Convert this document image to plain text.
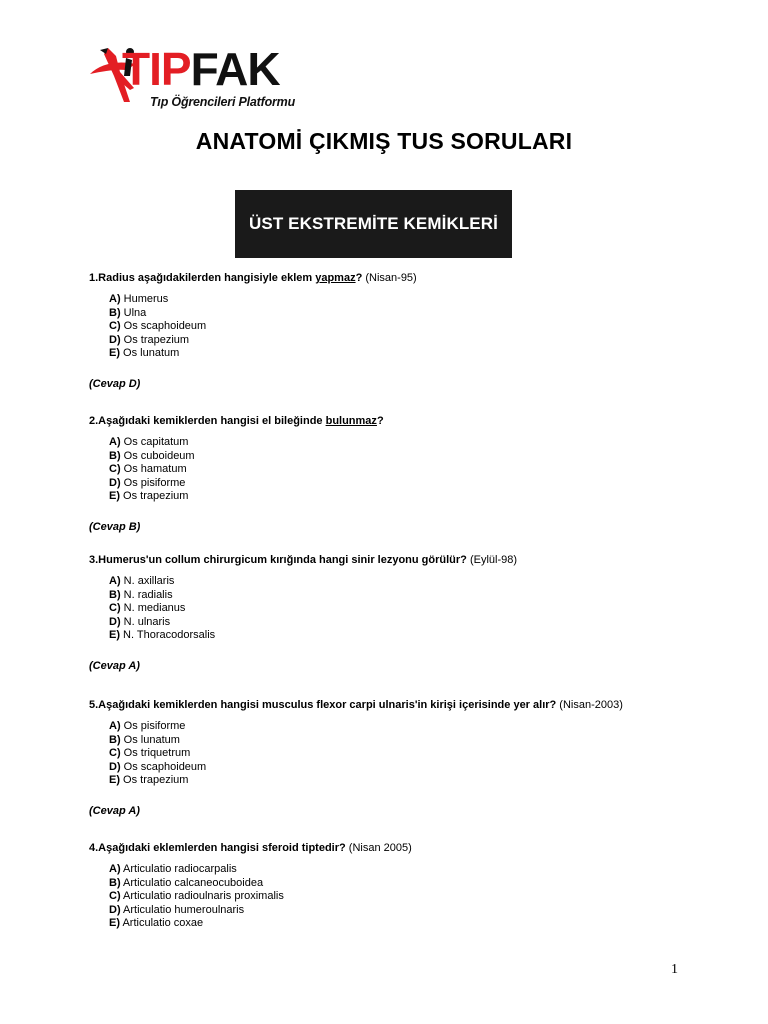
TIPFAK
Tıp Öğrencileri Platformu
ANATOMİ ÇIKMIŞ TUS SORULARI
ÜST EKSTREMİTE KEMİKLERİ
1.Radius aşağıdakilerden hangisiyle eklem yapmaz? (Nisan-95)
A) Humerus
B) Ulna
C) Os scaphoideum
D) Os trapezium
E) Os lunatum
(Cevap D)
2.Aşağıdaki kemiklerden hangisi el bileğinde bulunmaz?
A) Os capitatum
B) Os cuboideum
C) Os hamatum
D) Os pisiforme
E) Os trapezium
(Cevap B)
3.Humerus'un collum chirurgicum kırığında hangi sinir lezyonu görülür? (Eylül-98)
A) N. axillaris
B) N. radialis
C) N. medianus
D) N. ulnaris
E) N. Thoracodorsalis
(Cevap A)
5.Aşağıdaki kemiklerden hangisi musculus flexor carpi ulnaris'in kirişi içerisinde yer alır? (Nisan-2003)
A) Os pisiforme
B) Os lunatum
C) Os triquetrum
D) Os scaphoideum
E) Os trapezium
(Cevap A)
4.Aşağıdaki eklemlerden hangisi sferoid tiptedir? (Nisan 2005)
A) Articulatio radiocarpalis
B) Articulatio calcaneocuboidea
C) Articulatio radioulnaris proximalis
D) Articulatio humeroulnaris
E) Articulatio coxae
1
